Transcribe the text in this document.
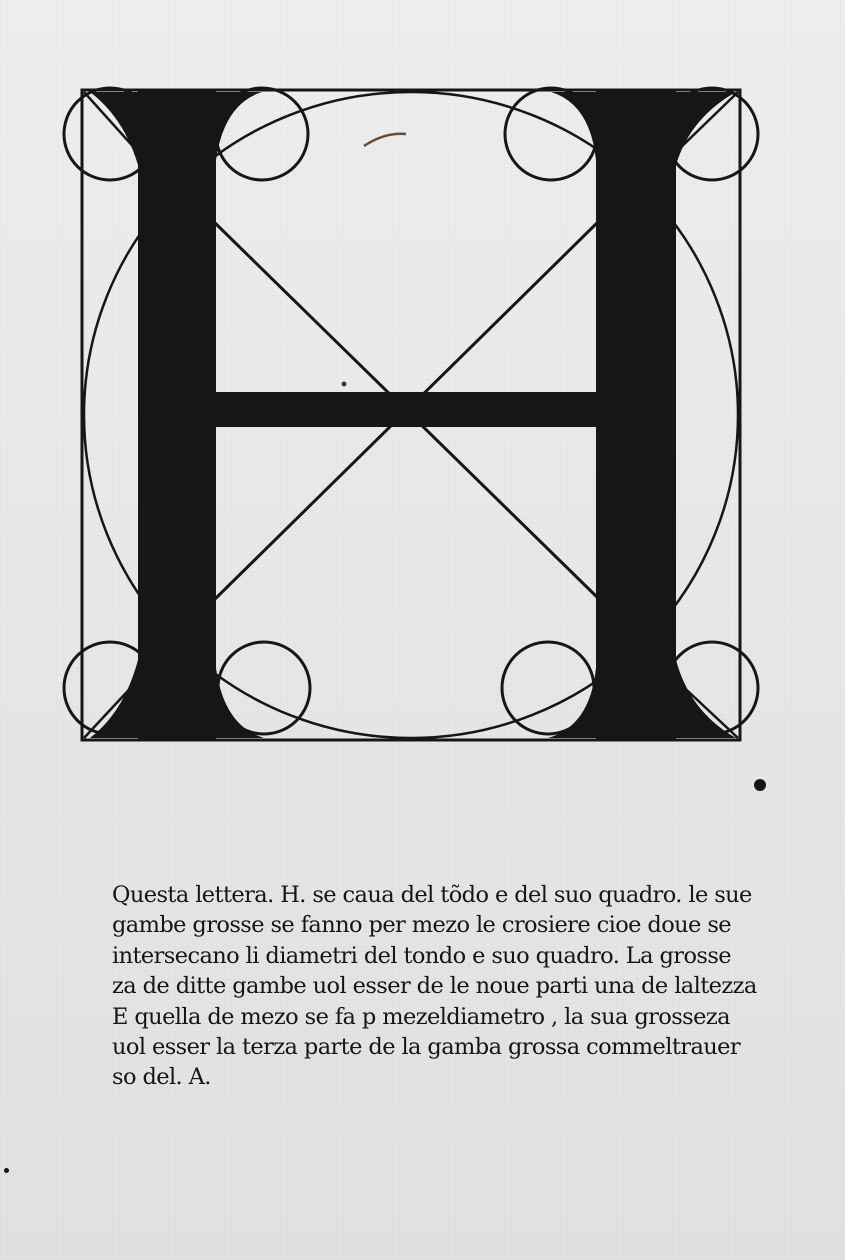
Questa lettera. H. se caua del tõdo e del suo quadro. le sue
gambe grosse se fanno per mezo le crosiere cioe doue se
intersecano li diametri del tondo e suo quadro. La grosse
za de ditte gambe uol esser de le noue parti una de laltezza
E quella de mezo se fa p mezeldiametro , la sua grosseza
uol esser la terza parte de la gamba grossa commeltrauer
so del. A.
